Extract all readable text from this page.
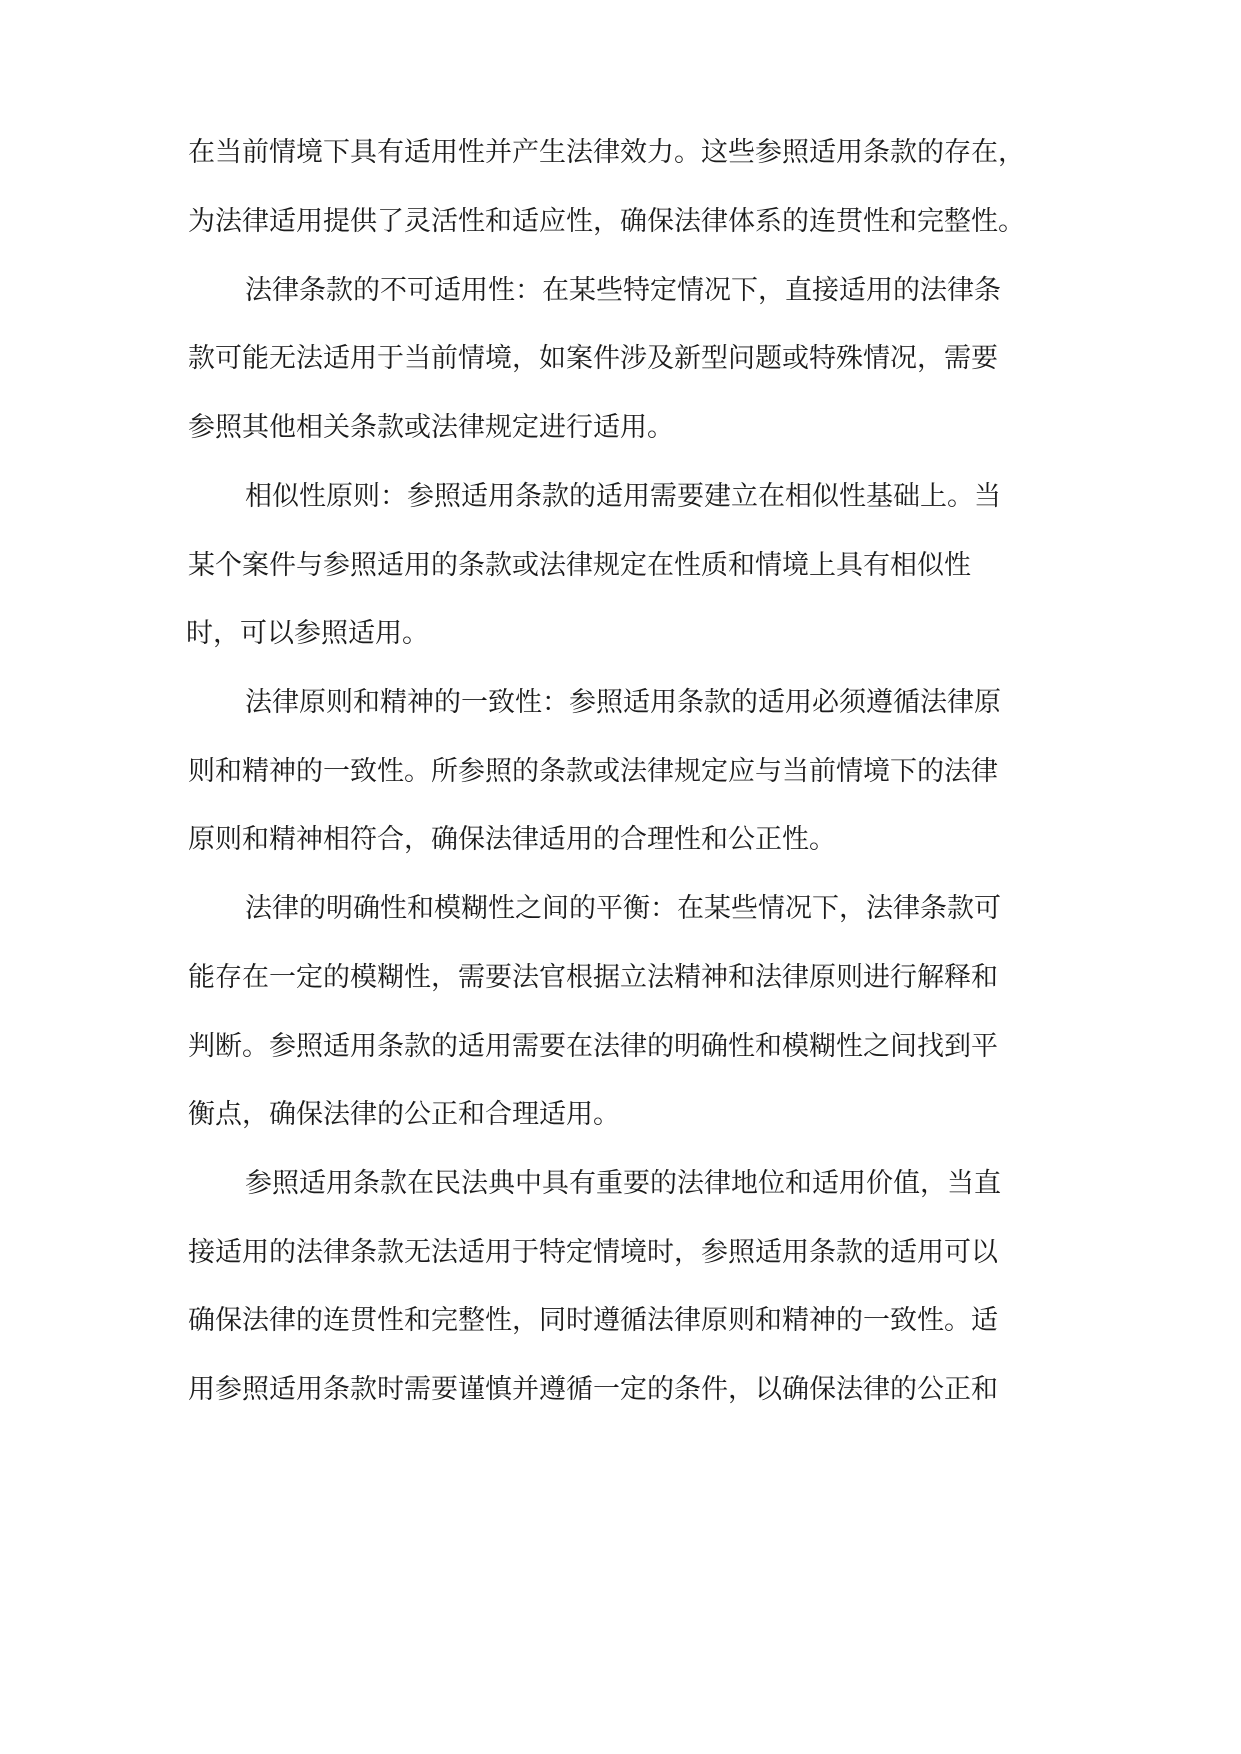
在当前情境下具有适用性并产生法律效力。这些参照适用条款的存在，

为法律适用提供了灵活性和适应性，确保法律体系的连贯性和完整性。

法律条款的不可适用性：在某些特定情况下，直接适用的法律条

款可能无法适用于当前情境，如案件涉及新型问题或特殊情况，需要

参照其他相关条款或法律规定进行适用。

相似性原则：参照适用条款的适用需要建立在相似性基础上。当

某个案件与参照适用的条款或法律规定在性质和情境上具有相似性

时，可以参照适用。

法律原则和精神的一致性：参照适用条款的适用必须遵循法律原

则和精神的一致性。所参照的条款或法律规定应与当前情境下的法律

原则和精神相符合，确保法律适用的合理性和公正性。

法律的明确性和模糊性之间的平衡：在某些情况下，法律条款可

能存在一定的模糊性，需要法官根据立法精神和法律原则进行解释和

判断。参照适用条款的适用需要在法律的明确性和模糊性之间找到平

衡点，确保法律的公正和合理适用。

参照适用条款在民法典中具有重要的法律地位和适用价值，当直

接适用的法律条款无法适用于特定情境时，参照适用条款的适用可以

确保法律的连贯性和完整性，同时遵循法律原则和精神的一致性。适

用参照适用条款时需要谨慎并遵循一定的条件，以确保法律的公正和
